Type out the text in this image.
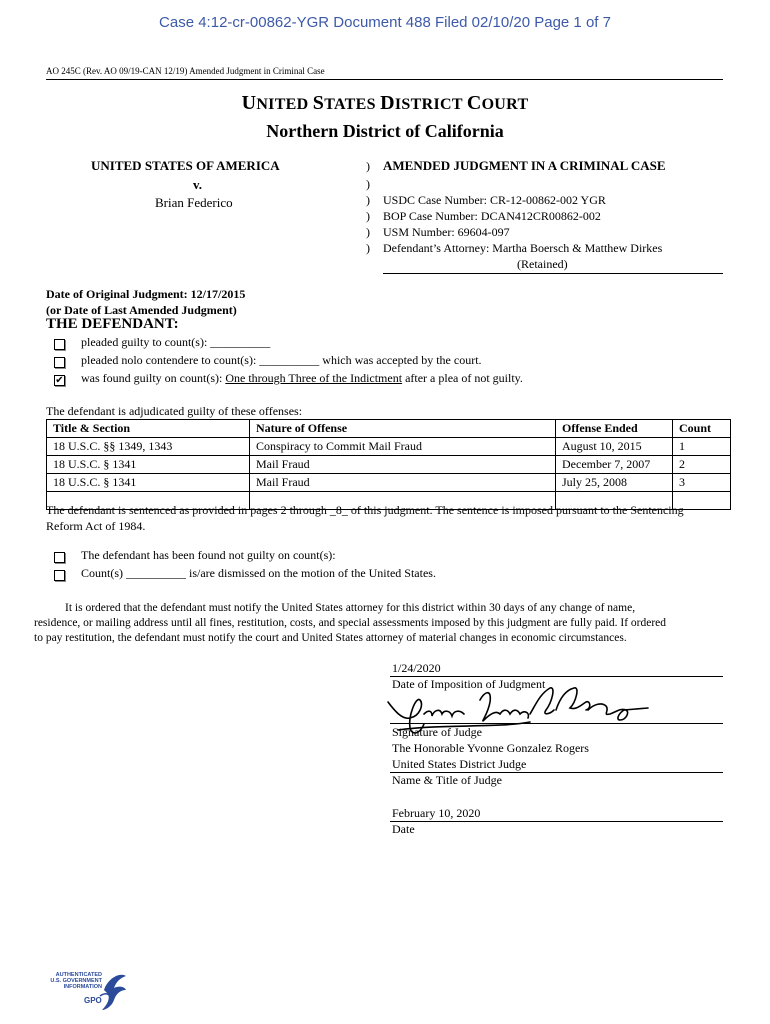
Case 4:12-cr-00862-YGR Document 488 Filed 02/10/20 Page 1 of 7
AO 245C (Rev. AO 09/19-CAN 12/19) Amended Judgment in Criminal Case
UNITED STATES DISTRICT COURT
Northern District of California
UNITED STATES OF AMERICA
v.
Brian Federico
)
)
)
)
)
)
AMENDED JUDGMENT IN A CRIMINAL CASE
USDC Case Number: CR-12-00862-002 YGR
BOP Case Number: DCAN412CR00862-002
USM Number: 69604-097
Defendant’s Attorney: Martha Boersch & Matthew Dirkes
(Retained)
Date of Original Judgment: 12/17/2015
(or Date of Last Amended Judgment)
THE DEFENDANT:
pleaded guilty to count(s): __________
pleaded nolo contendere to count(s): __________ which was accepted by the court.
✔ was found guilty on count(s): One through Three of the Indictment after a plea of not guilty.
The defendant is adjudicated guilty of these offenses:
Title & Section	Nature of Offense	Offense Ended	Count
18 U.S.C. §§ 1349, 1343	Conspiracy to Commit Mail Fraud	August 10, 2015	1
18 U.S.C. § 1341	Mail Fraud	December 7, 2007	2
18 U.S.C. § 1341	Mail Fraud	July 25, 2008	3

The defendant is sentenced as provided in pages 2 through _8_ of this judgment. The sentence is imposed pursuant to the Sentencing
Reform Act of 1984.
The defendant has been found not guilty on count(s):
Count(s) __________ is/are dismissed on the motion of the United States.
It is ordered that the defendant must notify the United States attorney for this district within 30 days of any change of name,
residence, or mailing address until all fines, restitution, costs, and special assessments imposed by this judgment are fully paid. If ordered
to pay restitution, the defendant must notify the court and United States attorney of material changes in economic circumstances.
1/24/2020
Date of Imposition of Judgment
Signature of Judge
The Honorable Yvonne Gonzalez Rogers
United States District Judge
Name & Title of Judge
February 10, 2020
Date
AUTHENTICATED
U.S. GOVERNMENT
INFORMATION
GPO
